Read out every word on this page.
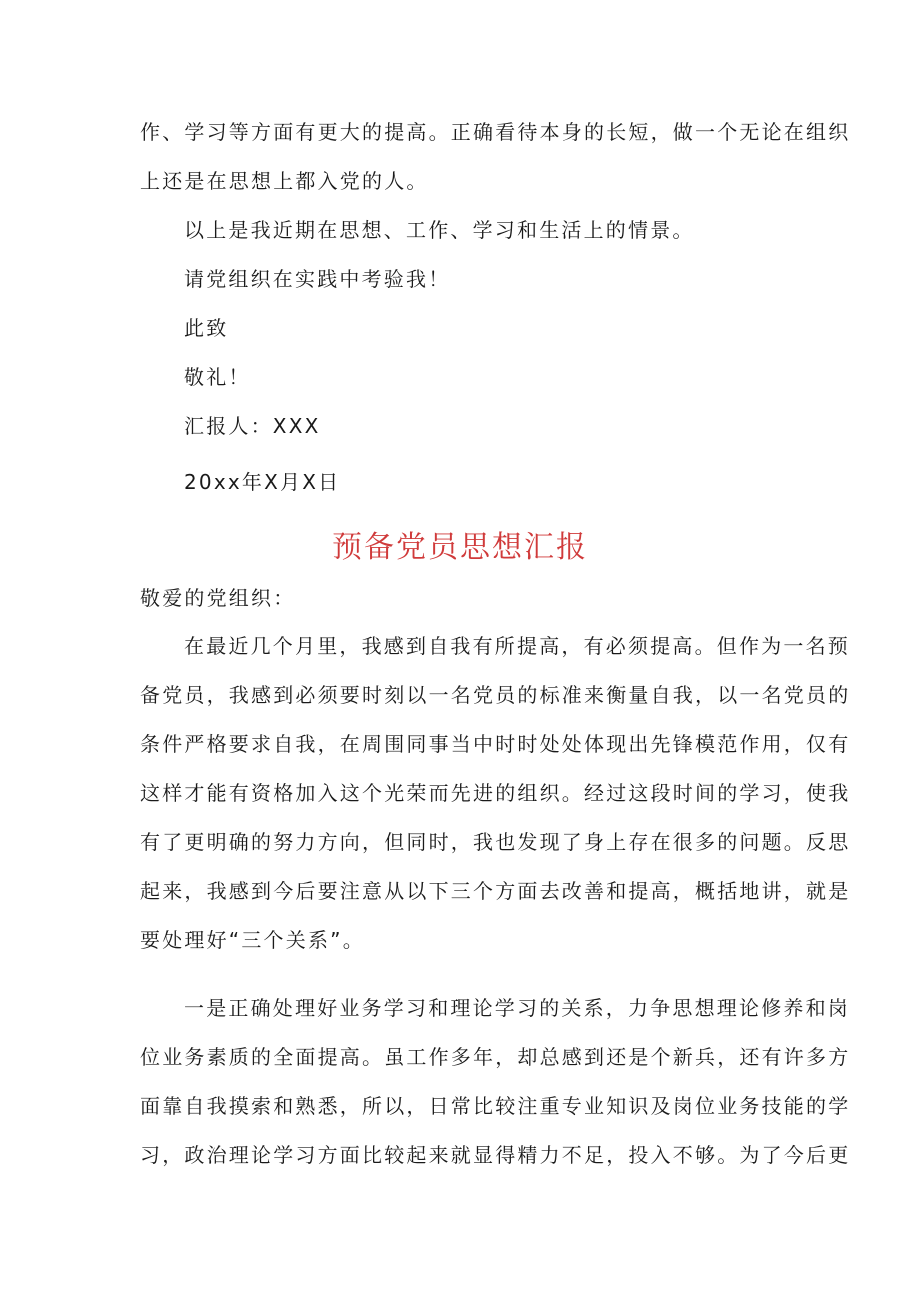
作、学习等方面有更大的提高。正确看待本身的长短，做一个无论在组织
上还是在思想上都入党的人。
以上是我近期在思想、工作、学习和生活上的情景。
请党组织在实践中考验我！
此致
敬礼！
汇报人：XXX
20xx年X月X日
预备党员思想汇报
敬爱的党组织：
在最近几个月里，我感到自我有所提高，有必须提高。但作为一名预
备党员，我感到必须要时刻以一名党员的标准来衡量自我，以一名党员的
条件严格要求自我，在周围同事当中时时处处体现出先锋模范作用，仅有
这样才能有资格加入这个光荣而先进的组织。经过这段时间的学习，使我
有了更明确的努力方向，但同时，我也发现了身上存在很多的问题。反思
起来，我感到今后要注意从以下三个方面去改善和提高，概括地讲，就是
要处理好“三个关系”。
一是正确处理好业务学习和理论学习的关系，力争思想理论修养和岗
位业务素质的全面提高。虽工作多年，却总感到还是个新兵，还有许多方
面靠自我摸索和熟悉，所以，日常比较注重专业知识及岗位业务技能的学
习，政治理论学习方面比较起来就显得精力不足，投入不够。为了今后更
